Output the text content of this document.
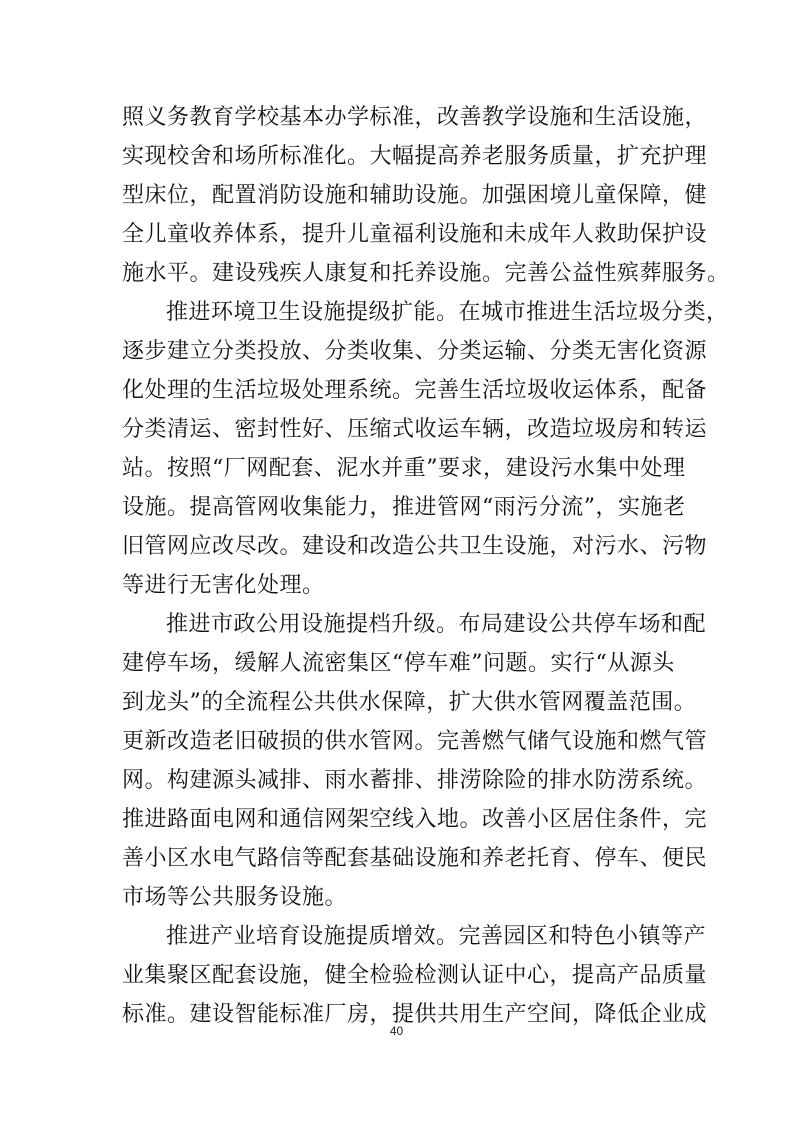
照义务教育学校基本办学标准，改善教学设施和生活设施，
实现校舍和场所标准化。大幅提高养老服务质量，扩充护理
型床位，配置消防设施和辅助设施。加强困境儿童保障，健
全儿童收养体系，提升儿童福利设施和未成年人救助保护设
施水平。建设残疾人康复和托养设施。完善公益性殡葬服务。
推进环境卫生设施提级扩能。在城市推进生活垃圾分类，
逐步建立分类投放、分类收集、分类运输、分类无害化资源
化处理的生活垃圾处理系统。完善生活垃圾收运体系，配备
分类清运、密封性好、压缩式收运车辆，改造垃圾房和转运
站。按照“厂网配套、泥水并重”要求，建设污水集中处理
设施。提高管网收集能力，推进管网“雨污分流”，实施老
旧管网应改尽改。建设和改造公共卫生设施，对污水、污物
等进行无害化处理。
推进市政公用设施提档升级。布局建设公共停车场和配
建停车场，缓解人流密集区“停车难”问题。实行“从源头
到龙头”的全流程公共供水保障，扩大供水管网覆盖范围。
更新改造老旧破损的供水管网。完善燃气储气设施和燃气管
网。构建源头减排、雨水蓄排、排涝除险的排水防涝系统。
推进路面电网和通信网架空线入地。改善小区居住条件，完
善小区水电气路信等配套基础设施和养老托育、停车、便民
市场等公共服务设施。
推进产业培育设施提质增效。完善园区和特色小镇等产
业集聚区配套设施，健全检验检测认证中心，提高产品质量
标准。建设智能标准厂房，提供共用生产空间，降低企业成
40
